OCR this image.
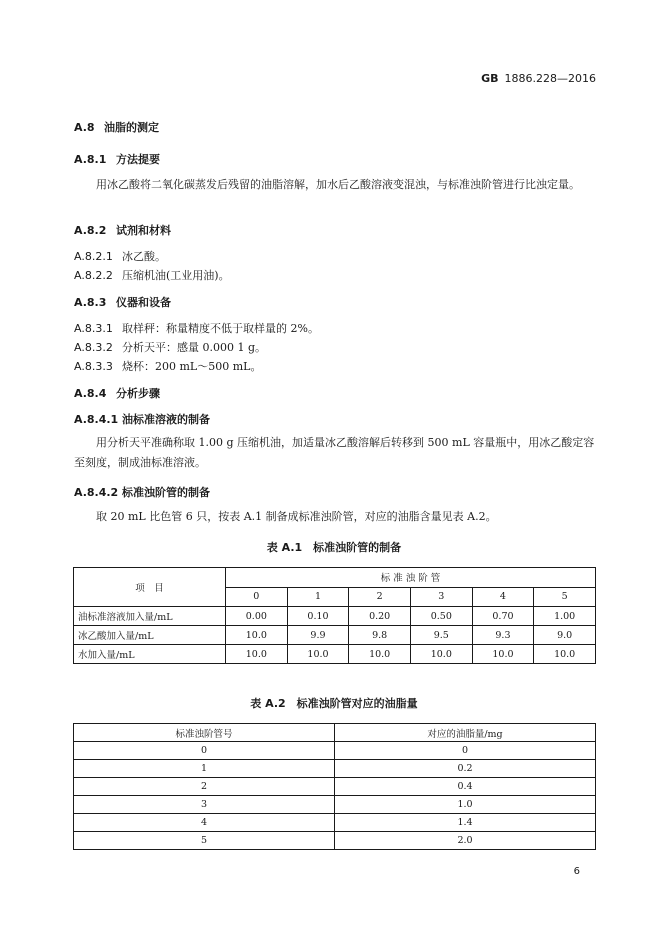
GB 1886.228—2016
A.8 油脂的测定
A.8.1 方法提要
用冰乙酸将二氧化碳蒸发后残留的油脂溶解，加水后乙酸溶液变混浊，与标准浊阶管进行比浊定量。
A.8.2 试剂和材料
A.8.2.1 冰乙酸。
A.8.2.2 压缩机油(工业用油)。
A.8.3 仪器和设备
A.8.3.1 取样秤：称量精度不低于取样量的 2%。
A.8.3.2 分析天平：感量 0.000 1 g。
A.8.3.3 烧杯：200 mL～500 mL。
A.8.4 分析步骤
A.8.4.1 油标准溶液的制备
用分析天平准确称取 1.00 g 压缩机油，加适量冰乙酸溶解后转移到 500 mL 容量瓶中，用冰乙酸定容至刻度，制成油标准溶液。
A.8.4.2 标准浊阶管的制备
取 20 mL 比色管 6 只，按表 A.1 制备成标准浊阶管，对应的油脂含量见表 A.2。
表 A.1　标准浊阶管的制备
项　目	标 准 浊 阶 管					
	0	1	2	3	4	5
油标准溶液加入量/mL	0.00	0.10	0.20	0.50	0.70	1.00
冰乙酸加入量/mL	10.0	9.9	9.8	9.5	9.3	9.0
水加入量/mL	10.0	10.0	10.0	10.0	10.0	10.0
表 A.2　标准浊阶管对应的油脂量
标准浊阶管号	对应的油脂量/mg
0	0
1	0.2
2	0.4
3	1.0
4	1.4
5	2.0
6
